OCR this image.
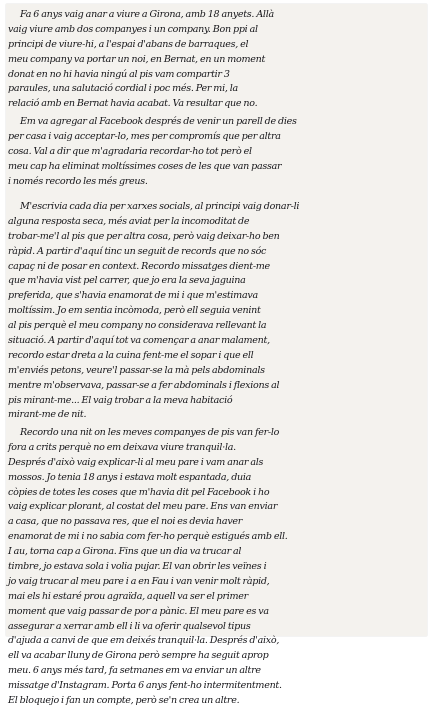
Fa 6 anys vaig anar a viure a Girona, amb 18 anyets. Allà
vaig viure amb dos companyes i un company. Bon ppi al
principi de viure-hi, a l'espai d'abans de barraques, el
meu company va portar un noi, en Bernat, en un moment
donat en no hi havia ningú al pis vam compartir 3
paraules, una salutació cordial i poc més. Per mi, la
relació amb en Bernat havia acabat. Va resultar que no.
Em va agregar al Facebook després de venir un parell de dies
per casa i vaig acceptar-lo, mes per compromís que per altra
cosa. Val a dir que m'agradaria recordar-ho tot però el
meu cap ha eliminat moltíssimes coses de les que van passar
i només recordo les més greus.
M'escrivia cada dia per xarxes socials, al principi vaig donar-li
alguna resposta seca, més aviat per la incomoditat de
trobar-me'l al pis que per altra cosa, però vaig deixar-ho ben
ràpid. A partir d'aquí tinc un seguit de records que no sóc
capaç ni de posar en context. Recordo missatges dient-me
que m'havia vist pel carrer, que jo era la seva jaguina
preferida, que s'havia enamorat de mi i que m'estimava
moltíssim. Jo em sentia incòmoda, però ell seguia venint
al pis perquè el meu company no considerava rellevant la
situació. A partir d'aquí tot va començar a anar malament,
recordo estar dreta a la cuina fent-me el sopar i que ell
m'enviés petons, veure'l passar-se la mà pels abdominals
mentre m'observava, passar-se a fer abdominals i flexions al
pis mirant-me... El vaig trobar a la meva habitació
mirant-me de nit.
Recordo una nit on les meves companyes de pis van fer-lo
fora a crits perquè no em deixava viure tranquil·la.
Després d'això vaig explicar-li al meu pare i vam anar als
mossos. Jo tenia 18 anys i estava molt espantada, duia
còpies de totes les coses que m'havia dit pel Facebook i ho
vaig explicar plorant, al costat del meu pare. Ens van enviar
a casa, que no passava res, que el noi es devia haver
enamorat de mi i no sabia com fer-ho perquè estigués amb ell.
I au, torna cap a Girona. Fins que un dia va trucar al
timbre, jo estava sola i volia pujar. El van obrir les veïnes i
jo vaig trucar al meu pare i a en Fau i van venir molt ràpid,
mai els hi estaré prou agraïda, aquell va ser el primer
moment que vaig passar de por a pànic. El meu pare es va
assegurar a xerrar amb ell i li va oferir qualsevol tipus
d'ajuda a canvi de que em deixés tranquil·la. Després d'això,
ell va acabar lluny de Girona però sempre ha seguit aprop
meu. 6 anys més tard, fa setmanes em va enviar un altre
missatge d'Instagram. Porta 6 anys fent-ho intermitentment.
El bloquejo i fan un compte, però se'n crea un altre.
